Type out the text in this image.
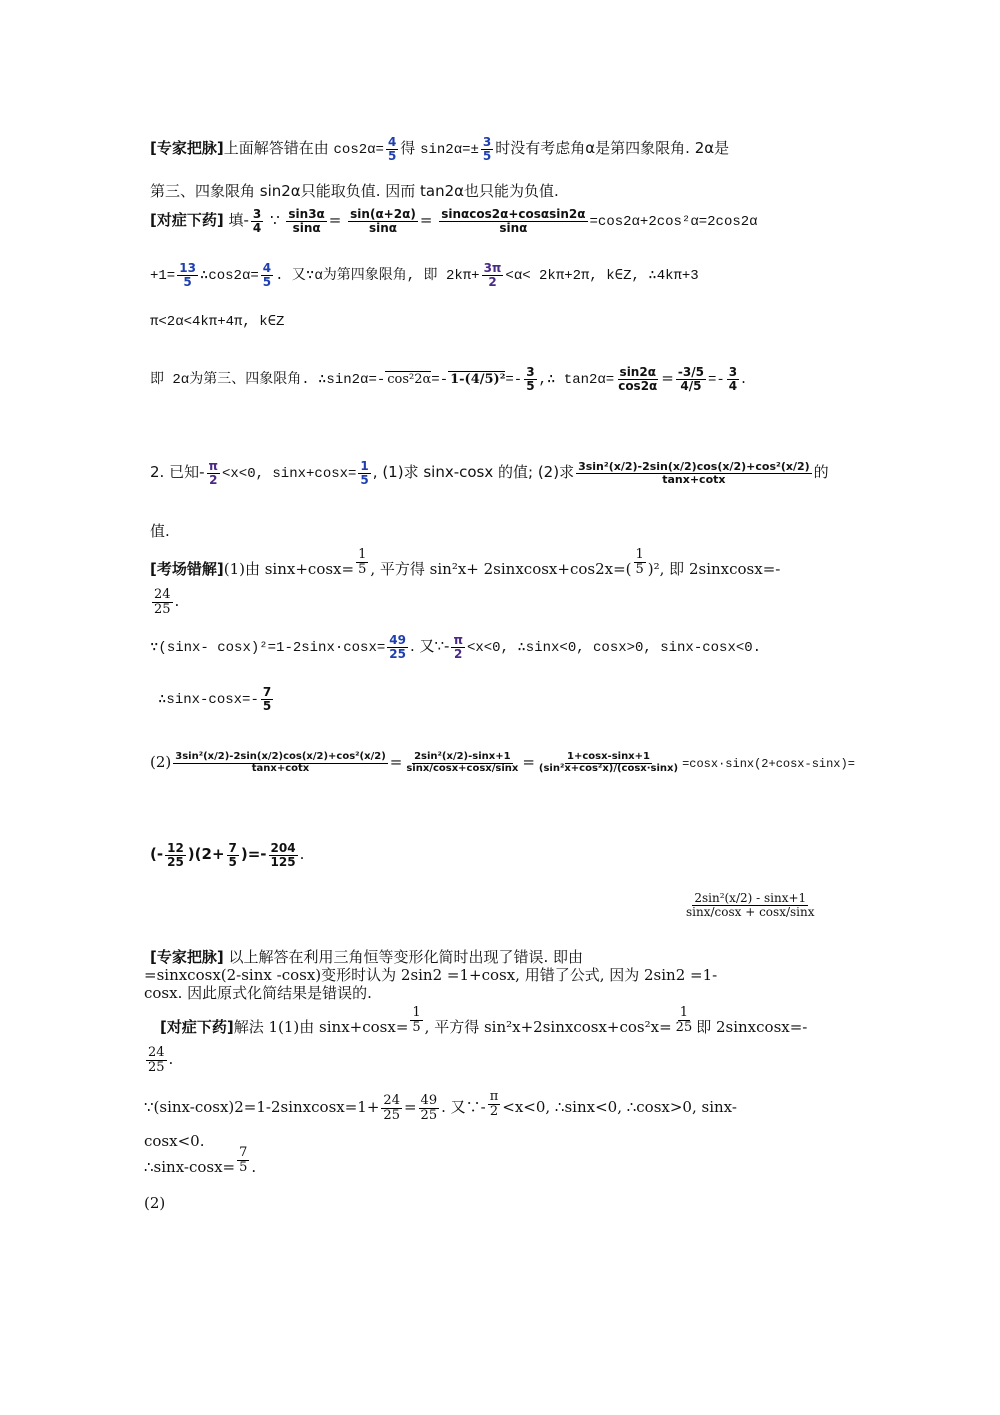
[专家把脉]上面解答错在由 $\cos 2\alpha= \frac{4}{5}$ 得 $\sin 2\alpha=\pm \frac{3}{5}$ 时没有考虑角α是第四象限角. 2α是
第三、四象限角 sin2α只能取负值. 因而 tan2α也只能为负值.
[对症下药] 填- $\frac{3}{4}$ ∵ $\frac{\sin 3\alpha}{\sin\alpha} = \frac{\sin(\alpha+2\alpha)}{\sin\alpha} = \frac{\sin\alpha\cos 2\alpha+\cos\alpha\sin 2\alpha}{\sin\alpha} =\cos 2\alpha+2\cos^2\alpha=2\cos 2\alpha$
$+1= \frac{13}{5}$ ∴cos2α= $\frac{4}{5}$ . 又∵α为第四象限角, 即 $2k\pi+ \frac{3\pi}{2} <\alpha< 2k\pi+2\pi$, k∈Z, ∴4kπ+3
π<2α<4kπ+4π, k∈Z
即 2α为第三、四象限角. ∴sin2α=- cos²2α=- $1-(4/5)^2=- \frac{3}{5}$ ,∴ $\tan 2\alpha= \frac{\sin 2\alpha}{\cos 2\alpha} = \frac{-3/5}{4/5} =- \frac{3}{4}$ .
2. 已知- $\frac{\pi}{2} <x<0$, $\sin x+\cos x= \frac{1}{5}$ , (1)求 sinx-cosx 的值; (2)求 $\frac{\text{3sin²(x/2)-2sin(x/2)cos(x/2)+cos²(x/2)}}{\tan x+\cot x}$ 的
值.
[考场错解](1)由 $\sin x+\cos x= \frac{1}{5}$ , 平方得 sin²x+ 2sinxcosx+cos2x=( $\frac{1}{5} )^2$, 即 2sinxcosx=-
$\frac{24}{25}$ .
∵(sinx- $\cos x)^2=1-2\sin x\cdot\cos x= \frac{49}{25}$ . 又∵- $\frac{\pi}{2} <x<0$, ∴sinx<0, cosx>0, sinx-cosx<0.
∴sinx-cosx=- $\frac{7}{5}$
$(2) \frac{\text{3sin²(x/2)-2sin(x/2)cos(x/2)+cos²(x/2)}}{\tan x+\cot x} = \frac{\text{2sin²(x/2)-sinx+1}}{\sin x/\cos x+\cos x/\sin x} = \frac{1+\cos x-\sin x+1}{\text{(sin²x+cos²x)/(cosx·sinx)}} =\cos x\cdot\sin x(2+\cos x-\sin x)=$
(- $\frac{12}{25} )(2+ \frac{7}{5}$ )=- $\frac{204}{125}$ .
$\frac{\text{2sin²(x/2) - sinx+1}}{\sin x/\cos x + \cos x/\sin x}$
[专家把脉] 以上解答在利用三角恒等变形化简时出现了错误. 即由
=sinxcosx(2-sinx -cosx)变形时认为 2sin2 =1+cosx, 用错了公式, 因为 2sin2 =1-
cosx. 因此原式化简结果是错误的.
[对症下药]解法 1(1)由 $\sin x+\cos x= \frac{1}{5}$ , 平方得 sin²x+2sinxcosx+cos²x= $\frac{1}{25}$ 即 2sinxcosx=-
$\frac{24}{25}$ .
∵(sinx-cosx)2=1-2sinxcosx=1+ $\frac{24}{25} = \frac{49}{25}$ . 又∵- $\frac{\pi}{2} <x<0$, ∴sinx<0, ∴cosx>0, sinx-
cosx<0.
∴sinx-cosx= $\frac{7}{5}$ .
(2)
